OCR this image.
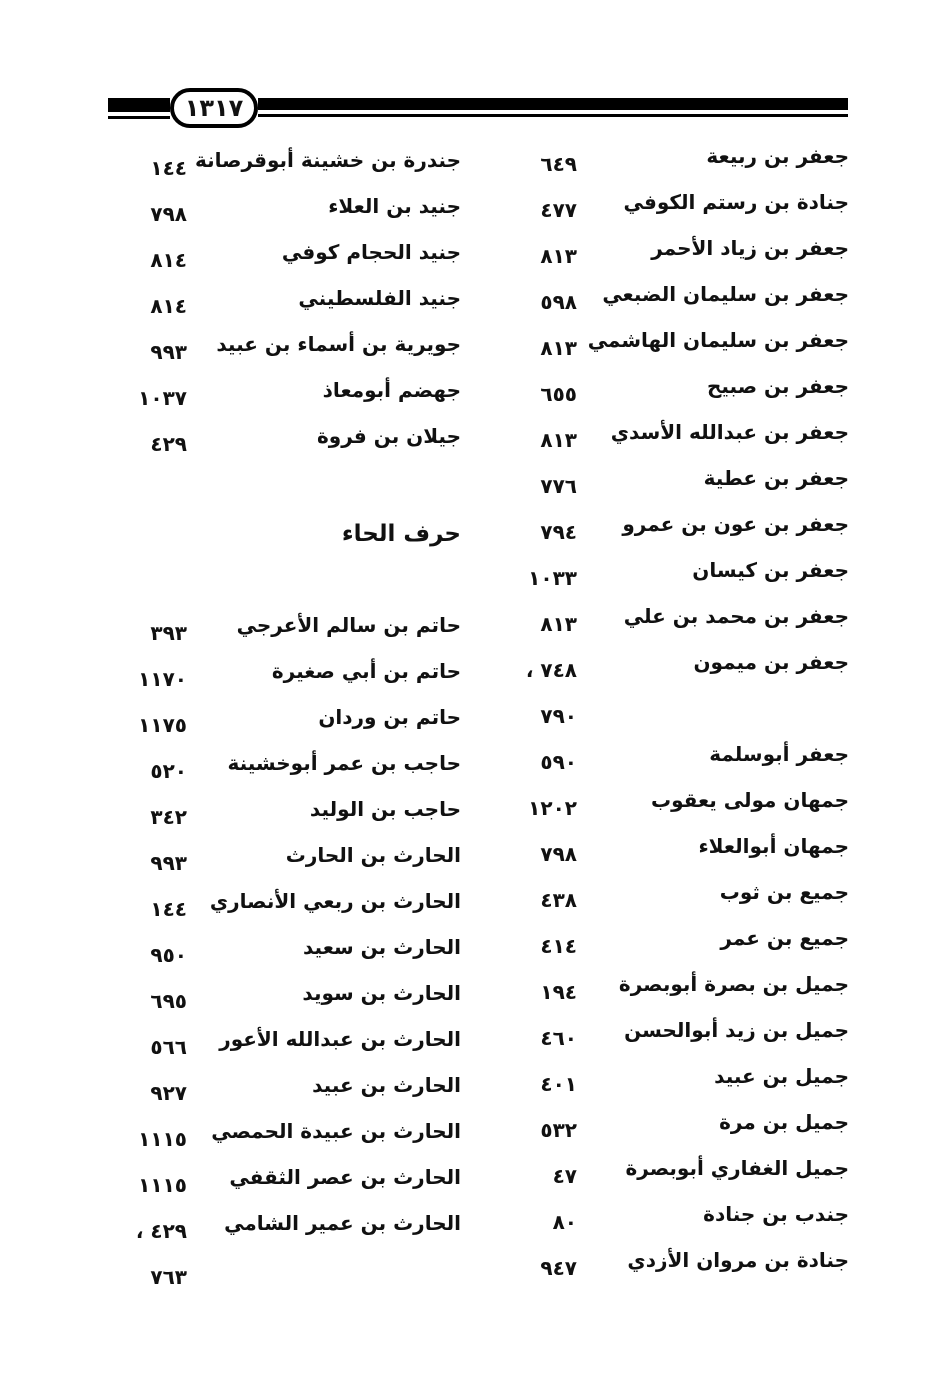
١٣١٧
جعفر بن ربيعة
٦٤٩
جنادة بن رستم الكوفي
٤٧٧
جعفر بن زياد الأحمر
٨١٣
جعفر بن سليمان الضبعي
٥٩٨
جعفر بن سليمان الهاشمي
٨١٣
جعفر بن صبيح
٦٥٥
جعفر بن عبدالله الأسدي
٨١٣
جعفر بن عطية
٧٧٦
جعفر بن عون بن عمرو
٧٩٤
جعفر بن كيسان
١٠٣٣
جعفر بن محمد بن علي
٨١٣
جعفر بن ميمون
٧٤٨ ،
٧٩٠
جعفر أبوسلمة
٥٩٠
جمهان مولى يعقوب
١٢٠٢
جمهان أبوالعلاء
٧٩٨
جميع بن ثوب
٤٣٨
جميع بن عمر
٤١٤
جميل بن بصرة أبوبصرة
١٩٤
جميل بن زيد أبوالحسن
٤٦٠
جميل بن عبيد
٤٠١
جميل بن مرة
٥٣٢
جميل الغفاري أبوبصرة
٤٧
جندب بن جنادة
٨٠
جنادة بن مروان الأزدي
٩٤٧
جندرة بن خشينة أبوقرصانة
١٤٤
جنيد بن العلاء
٧٩٨
جنيد الحجام كوفي
٨١٤
جنيد الفلسطيني
٨١٤
جويرية بن أسماء بن عبيد
٩٩٣
جهضم أبومعاذ
١٠٣٧
جيلان بن فروة
٤٢٩
حاتم بن سالم الأعرجي
٣٩٣
حاتم بن أبي صغيرة
١١٧٠
حاتم بن وردان
١١٧٥
حاجب بن عمر أبوخشينة
٥٢٠
حاجب بن الوليد
٣٤٢
الحارث بن الحارث
٩٩٣
الحارث بن ربعي الأنصاري
١٤٤
الحارث بن سعيد
٩٥٠
الحارث بن سويد
٦٩٥
الحارث بن عبدالله الأعور
٥٦٦
الحارث بن عبيد
٩٢٧
الحارث بن عبيدة الحمصي
١١١٥
الحارث بن عصر الثقفي
١١١٥
الحارث بن عمير الشامي
٤٢٩ ،
٧٦٣
حرف الحاء
